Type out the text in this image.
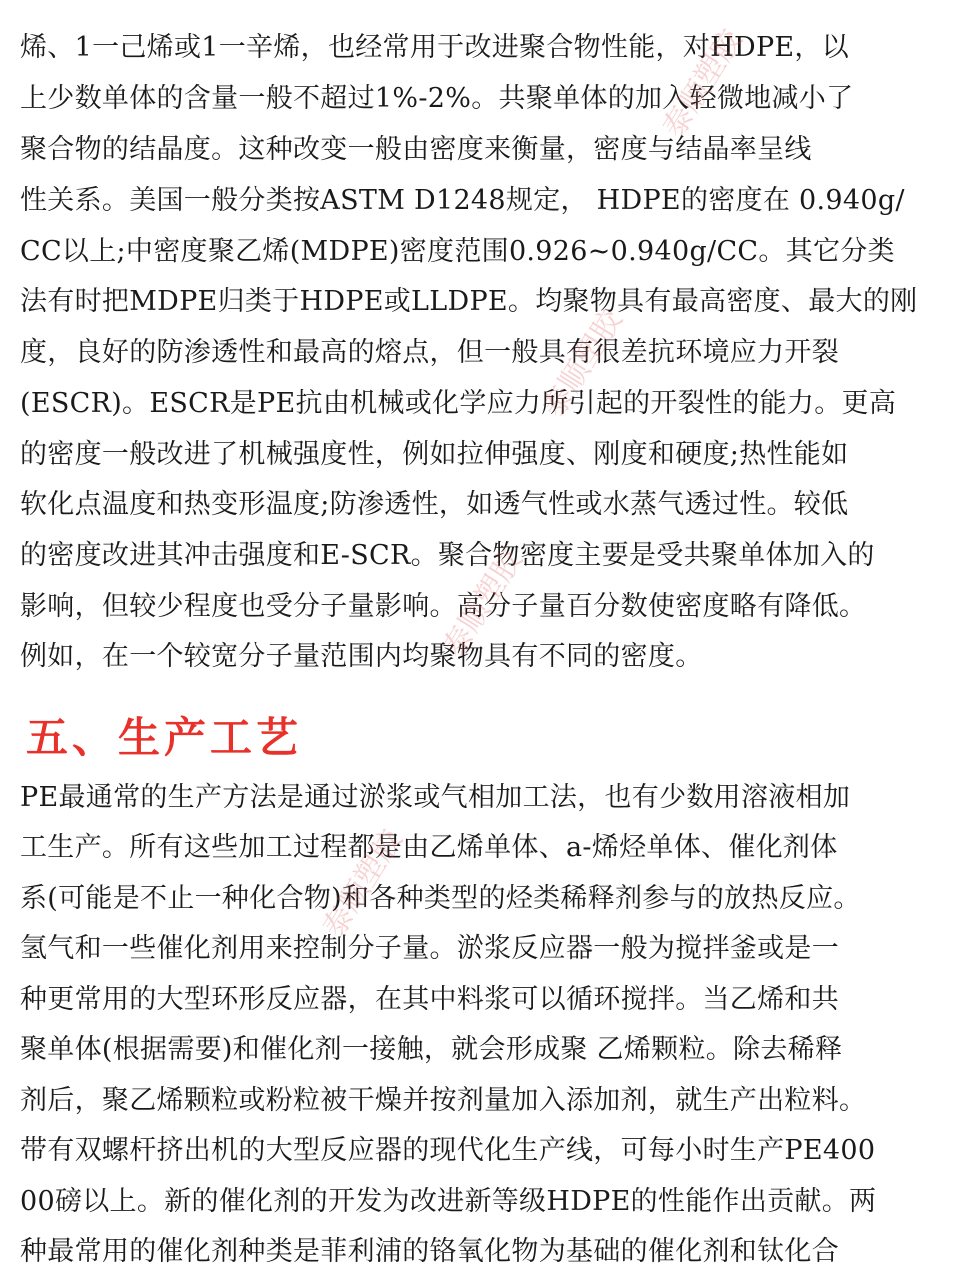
烯、1一己烯或1一辛烯，也经常用于改进聚合物性能，对HDPE，以
上少数单体的含量一般不超过1%-2%。共聚单体的加入轻微地减小了
聚合物的结晶度。这种改变一般由密度来衡量，密度与结晶率呈线
性关系。美国一般分类按ASTM D1248规定， HDPE的密度在 0.940g/
CC以上;中密度聚乙烯(MDPE)密度范围0.926~0.940g/CC。其它分类
法有时把MDPE归类于HDPE或LLDPE。均聚物具有最高密度、最大的刚
度，良好的防渗透性和最高的熔点，但一般具有很差抗环境应力开裂
(ESCR)。ESCR是PE抗由机械或化学应力所引起的开裂性的能力。更高
的密度一般改进了机械强度性，例如拉伸强度、刚度和硬度;热性能如
软化点温度和热变形温度;防渗透性，如透气性或水蒸气透过性。较低
的密度改进其冲击强度和E-SCR。聚合物密度主要是受共聚单体加入的
影响，但较少程度也受分子量影响。高分子量百分数使密度略有降低。
例如，在一个较宽分子量范围内均聚物具有不同的密度。
五、生产工艺
PE最通常的生产方法是通过淤浆或气相加工法，也有少数用溶液相加
工生产。所有这些加工过程都是由乙烯单体、a-烯烃单体、催化剂体
系(可能是不止一种化合物)和各种类型的烃类稀释剂参与的放热反应。
氢气和一些催化剂用来控制分子量。淤浆反应器一般为搅拌釜或是一
种更常用的大型环形反应器，在其中料浆可以循环搅拌。当乙烯和共
聚单体(根据需要)和催化剂一接触，就会形成聚 乙烯颗粒。除去稀释
剂后，聚乙烯颗粒或粉粒被干燥并按剂量加入添加剂，就生产出粒料。
带有双螺杆挤出机的大型反应器的现代化生产线，可每小时生产PE400
00磅以上。新的催化剂的开发为改进新等级HDPE的性能作出贡献。两
种最常用的催化剂种类是菲利浦的铬氧化物为基础的催化剂和钛化合
泰顺塑胶
泰顺塑胶
泰顺塑胶
泰顺塑胶
